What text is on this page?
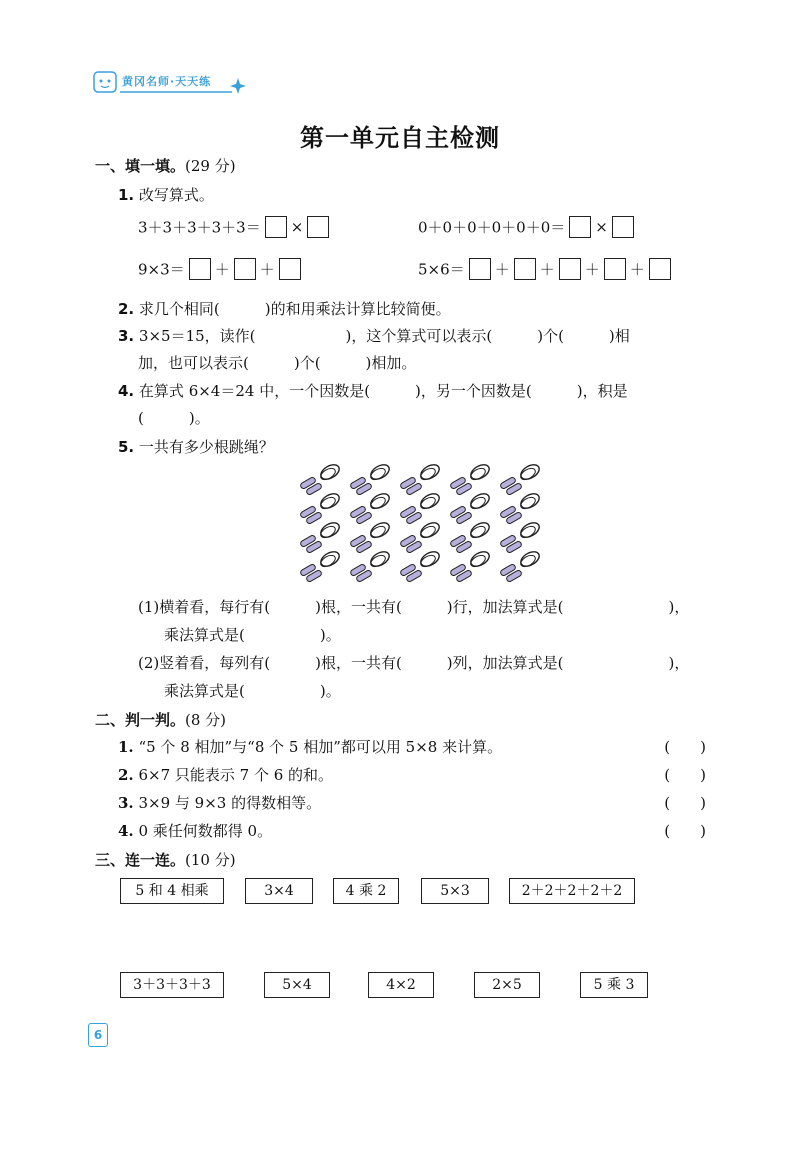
黄冈名师·天天练
第一单元自主检测
一、填一填。(29 分)
1. 改写算式。
3＋3＋3＋3＋3＝ ×	0＋0＋0＋0＋0＋0＝ ×
9×3＝ ＋ ＋	5×6＝ ＋ ＋ ＋ ＋
2. 求几个相同(　　　)的和用乘法计算比较简便。
3. 3×5＝15，读作(　　　　　　)，这个算式可以表示(　　　)个(　　　)相
加，也可以表示(　　　)个(　　　)相加。
4. 在算式 6×4＝24 中，一个因数是(　　　)，另一个因数是(　　　)，积是
(　　　)。
5. 一共有多少根跳绳？
(1)横着看，每行有(　　　)根，一共有(　　　)行，加法算式是(　　　　　　　)，
乘法算式是(　　　　　)。
(2)竖着看，每列有(　　　)根，一共有(　　　)列，加法算式是(　　　　　　　)，
乘法算式是(　　　　　)。
二、判一判。(8 分)
1. “5 个 8 相加”与“8 个 5 相加”都可以用 5×8 来计算。	(　　)
2. 6×7 只能表示 7 个 6 的和。	(　　)
3. 3×9 与 9×3 的得数相等。	(　　)
4. 0 乘任何数都得 0。	(　　)
三、连一连。(10 分)
5 和 4 相乘	3×4	4 乘 2	5×3	2＋2＋2＋2＋2
3＋3＋3＋3	5×4	4×2	2×5	5 乘 3
6
